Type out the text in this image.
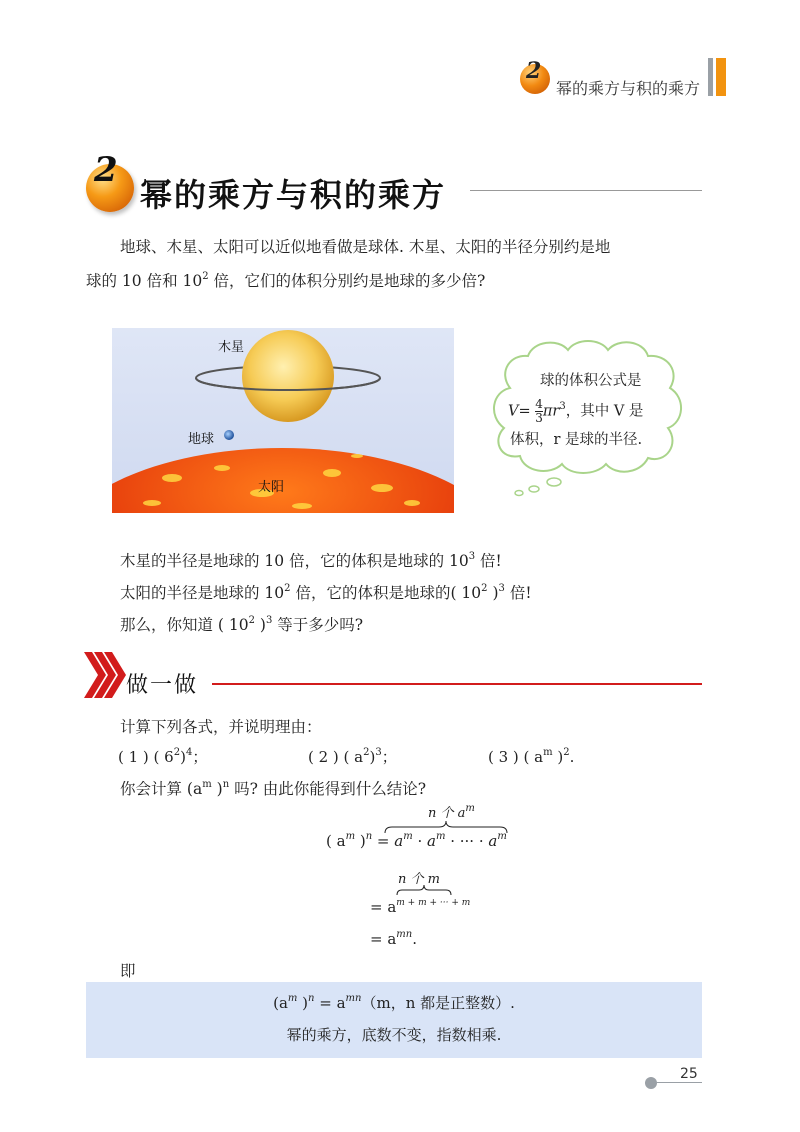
2
幂的乘方与积的乘方
2
幂的乘方与积的乘方
地球、木星、太阳可以近似地看做是球体. 木星、太阳的半径分别约是地
球的 10 倍和 $10^2$ 倍，它们的体积分别约是地球的多少倍?
木星
地球
太阳
球的体积公式是
$V= \frac{4}{3} \pi r^3$，其中 V 是
体积，r 是球的半径.
木星的半径是地球的 10 倍，它的体积是地球的 $10^3$ 倍!
太阳的半径是地球的 $10^2$ 倍，它的体积是地球的( $10^2$ )$^3$ 倍!
那么，你知道 ( $10^2$ )$^3$ 等于多少吗?
做一做
计算下列各式，并说明理由：
( 1 ) ( $6^2)^4$；	( 2 ) ( $a^2)^3$；	( 3 ) ( $a^m$ )$^2$.
你会计算 ($a^m$ )$^n$ 吗? 由此你能得到什么结论?
n 个 $a^m$
( $a^m$ )$^n = a^m \cdot a^m$ · ··· · $a^m$
n 个 m
= $a^{m + m + \cdot\cdot\cdot + m}$
= $a^{mn}$.
即
($a^m$ )$^n = a^{mn}(m$，n 都是正整数）.
幂的乘方，底数不变，指数相乘.
25
